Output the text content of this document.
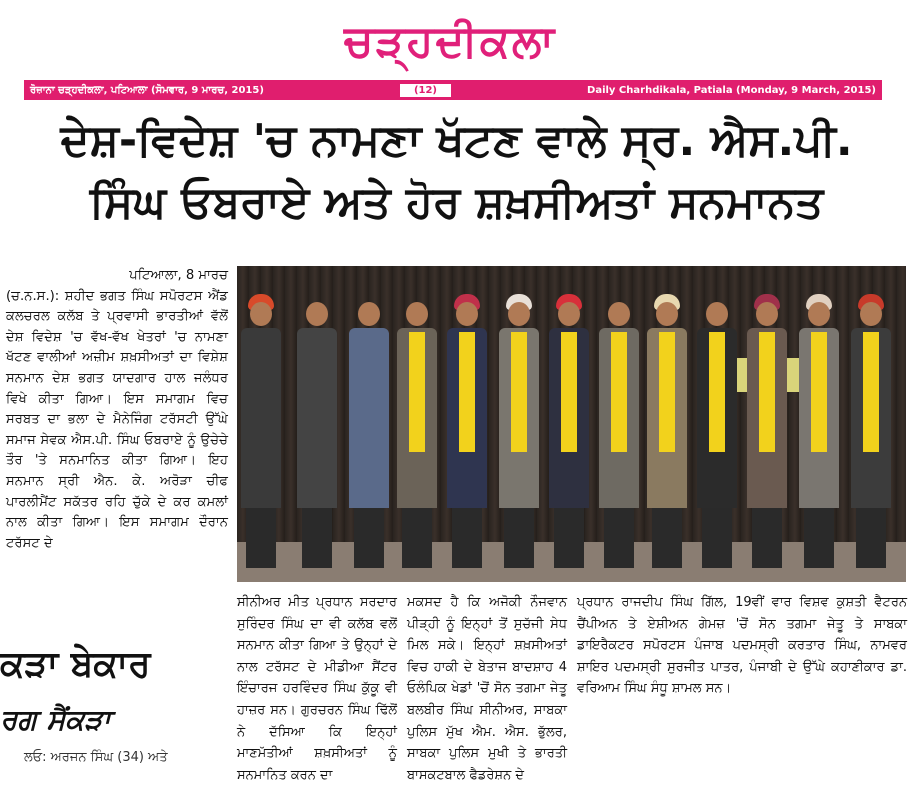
ਚੜ੍ਹਦੀਕਲਾ
ਰੋਜ਼ਾਨਾ ਚੜ੍ਹਦੀਕਲਾ, ਪਟਿਆਲਾ (ਸੋਮਵਾਰ, 9 ਮਾਰਚ, 2015)	(12)	Daily Charhdikala, Patiala (Monday, 9 March, 2015)
ਦੇਸ਼-ਵਿਦੇਸ਼ 'ਚ ਨਾਮਣਾ ਖੱਟਣ ਵਾਲੇ ਸ੍ਰ. ਐਸ.ਪੀ.
ਸਿੰਘ ਓਬਰਾਏ ਅਤੇ ਹੋਰ ਸ਼ਖ਼ਸੀਅਤਾਂ ਸਨਮਾਨਤ
ਪਟਿਆਲਾ, 8 ਮਾਰਚ

(ਚ.ਨ.ਸ.): ਸ਼ਹੀਦ ਭਗਤ ਸਿੰਘ ਸਪੋਰਟਸ ਐਂਡ ਕਲਚਰਲ ਕਲੱਬ ਤੇ ਪ੍ਰਵਾਸੀ ਭਾਰਤੀਆਂ ਵੱਲੋਂ ਦੇਸ਼ ਵਿਦੇਸ਼ 'ਚ ਵੱਖ-ਵੱਖ ਖੇਤਰਾਂ 'ਚ ਨਾਮਣਾ ਖੱਟਣ ਵਾਲੀਆਂ ਅਜ਼ੀਮ ਸ਼ਖ਼ਸੀਅਤਾਂ ਦਾ ਵਿਸ਼ੇਸ਼ ਸਨਮਾਨ ਦੇਸ਼ ਭਗਤ ਯਾਦਗਾਰ ਹਾਲ ਜਲੰਧਰ ਵਿਖੇ ਕੀਤਾ ਗਿਆ। ਇਸ ਸਮਾਗਮ ਵਿਚ ਸਰਬਤ ਦਾ ਭਲਾ ਦੇ ਮੈਨੇਜਿੰਗ ਟਰੱਸਟੀ ਉੱਘੇ ਸਮਾਜ ਸੇਵਕ ਐਸ.ਪੀ. ਸਿੰਘ ਓਬਰਾਏ ਨੂੰ ਉਚੇਚੇ ਤੌਰ 'ਤੇ ਸਨਮਾਨਿਤ ਕੀਤਾ ਗਿਆ। ਇਹ ਸਨਮਾਨ ਸ੍ਰੀ ਐਨ. ਕੇ. ਅਰੋੜਾ ਚੀਫ ਪਾਰਲੀਮੈਂਟ ਸਕੱਤਰ ਰਹਿ ਚੁੱਕੇ ਦੇ ਕਰ ਕਮਲਾਂ ਨਾਲ ਕੀਤਾ ਗਿਆ। ਇਸ ਸਮਾਗਮ ਦੌਰਾਨ ਟਰੱਸਟ ਦੇ

ਸੀਨੀਅਰ ਮੀਤ ਪ੍ਰਧਾਨ ਸਰਦਾਰ ਸੁਰਿੰਦਰ ਸਿੰਘ ਦਾ ਵੀ ਕਲੱਬ ਵਲੋਂ ਸਨਮਾਨ ਕੀਤਾ ਗਿਆ ਤੇ ਉਨ੍ਹਾਂ ਦੇ ਨਾਲ ਟਰੱਸਟ ਦੇ ਮੀਡੀਆ ਸੈਂਟਰ ਇੰਚਾਰਜ ਹਰਵਿੰਦਰ ਸਿੰਘ ਕੁੱਕੂ ਵੀ ਹਾਜ਼ਰ ਸਨ। ਗੁਰਚਰਨ ਸਿੰਘ ਢਿੱਲੋਂ ਨੇ ਦੱਸਿਆ ਕਿ ਇਨ੍ਹਾਂ ਮਾਣਮੱਤੀਆਂ ਸ਼ਖ਼ਸੀਅਤਾਂ ਨੂੰ ਸਨਮਾਨਿਤ ਕਰਨ ਦਾ
ਮਕਸਦ ਹੈ ਕਿ ਅਜੋਕੀ ਨੌਜਵਾਨ ਪੀੜ੍ਹੀ ਨੂੰ ਇਨ੍ਹਾਂ ਤੋਂ ਸੁਚੱਜੀ ਸੇਧ ਮਿਲ ਸਕੇ। ਇਨ੍ਹਾਂ ਸ਼ਖ਼ਸੀਅਤਾਂ ਵਿਚ ਹਾਕੀ ਦੇ ਬੇਤਾਜ ਬਾਦਸ਼ਾਹ 4 ਓਲੰਪਿਕ ਖੇਡਾਂ 'ਚੋਂ ਸੋਨ ਤਗਮਾ ਜੇਤੂ ਬਲਬੀਰ ਸਿੰਘ ਸੀਨੀਅਰ, ਸਾਬਕਾ ਪੁਲਿਸ ਮੁੱਖ ਐਮ. ਐਸ. ਭੁੱਲਰ, ਸਾਬਕਾ ਪੁਲਿਸ ਮੁਖੀ ਤੇ ਭਾਰਤੀ ਬਾਸਕਟਬਾਲ ਫੈਡਰੇਸ਼ਨ ਦੇ
ਪ੍ਰਧਾਨ ਰਾਜਦੀਪ ਸਿੰਘ ਗਿੱਲ, 19ਵੀਂ ਵਾਰ ਵਿਸ਼ਵ ਕੁਸ਼ਤੀ ਵੈਟਰਨ ਚੈਂਪੀਅਨ ਤੇ ਏਸ਼ੀਅਨ ਗੇਮਜ਼ 'ਚੋਂ ਸੋਨ ਤਗਮਾ ਜੇਤੂ ਤੇ ਸਾਬਕਾ ਡਾਇਰੈਕਟਰ ਸਪੋਰਟਸ ਪੰਜਾਬ ਪਦਮਸ੍ਰੀ ਕਰਤਾਰ ਸਿੰਘ, ਨਾਮਵਰ ਸ਼ਾਇਰ ਪਦਮਸ੍ਰੀ ਸੁਰਜੀਤ ਪਾਤਰ, ਪੰਜਾਬੀ ਦੇ ਉੱਘੇ ਕਹਾਣੀਕਾਰ ਡਾ. ਵਰਿਆਮ ਸਿੰਘ ਸੰਧੂ ਸ਼ਾਮਲ ਸਨ।
ਕੜਾ ਬੇਕਾਰ
ਰਗ ਸੈਂਕੜਾ
ਲਓ: ਅਰਜਨ ਸਿੰਘ (34) ਅਤੇ
